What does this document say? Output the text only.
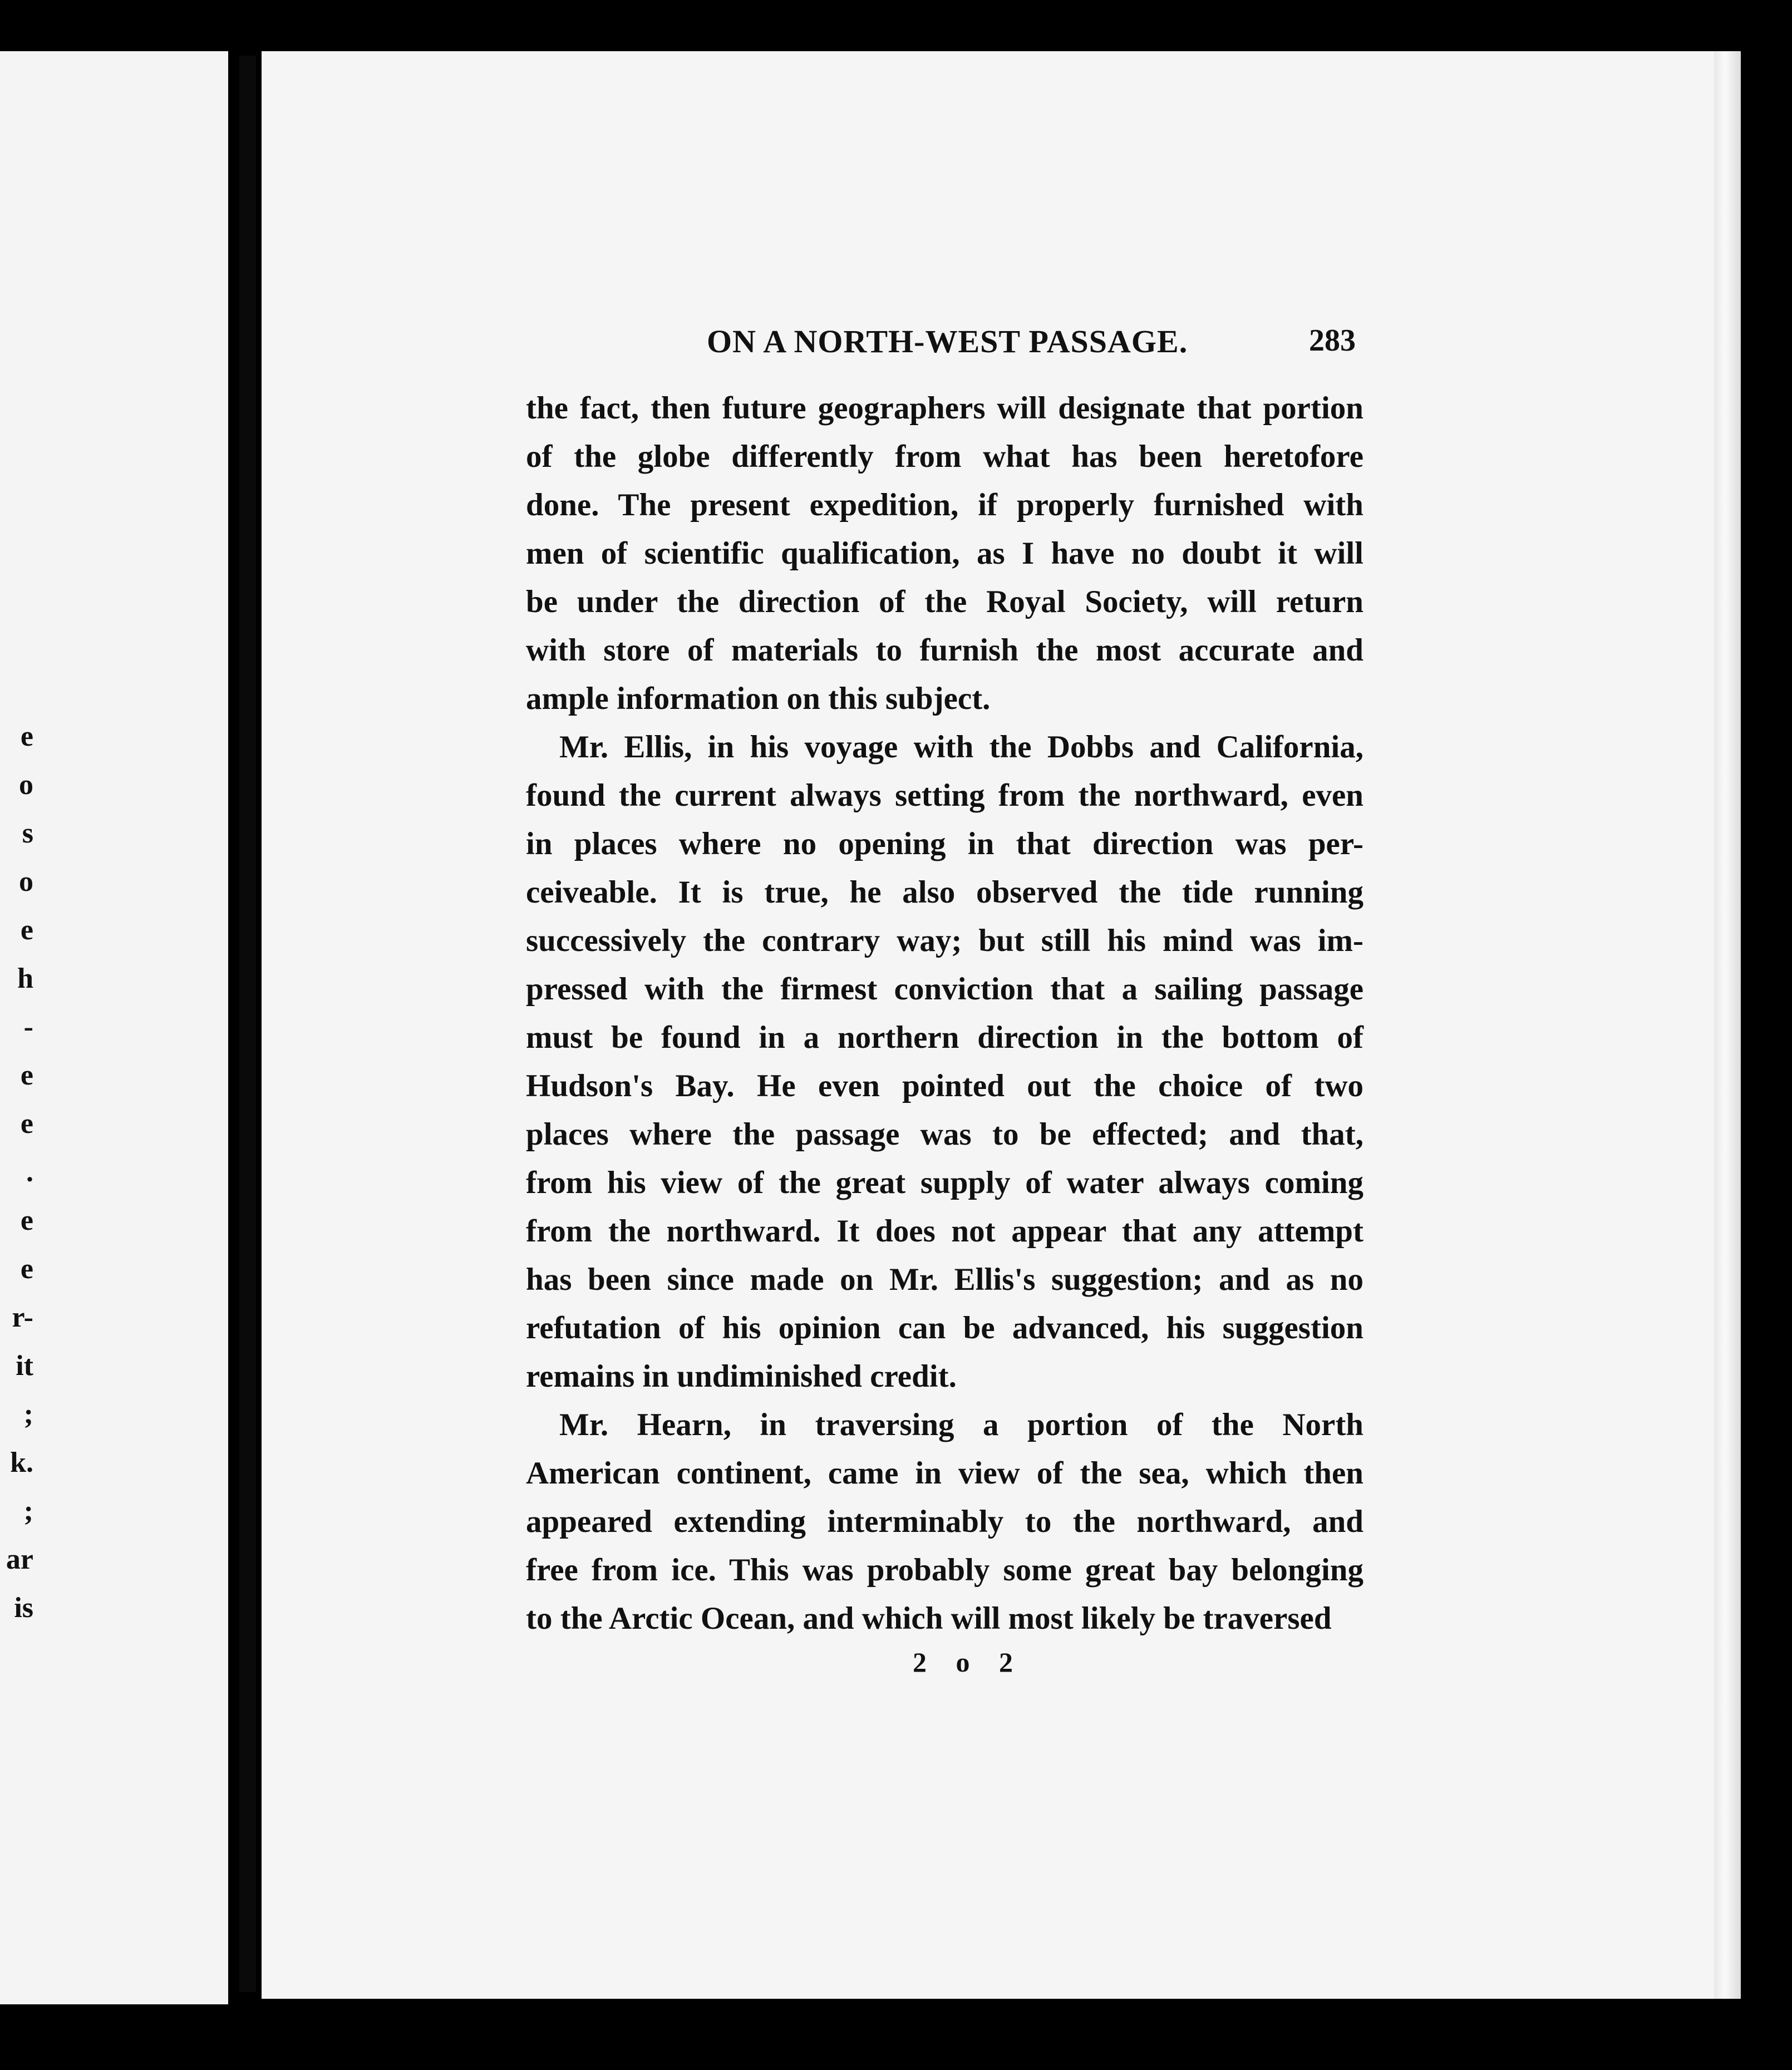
e
o
s
o
e
h
-
e
e
.
e
e
r-
it
;
k.
;
ar
is
ON A NORTH-WEST PASSAGE.	283
the fact, then future geographers will designate that portion
of the globe differently from what has been heretofore
done. The present expedition, if properly furnished with
men of scientific qualification, as I have no doubt it will
be under the direction of the Royal Society, will return
with store of materials to furnish the most accurate and
ample information on this subject.
Mr. Ellis, in his voyage with the Dobbs and California,
found the current always setting from the northward, even
in places where no opening in that direction was per-
ceiveable. It is true, he also observed the tide running
successively the contrary way; but still his mind was im-
pressed with the firmest conviction that a sailing passage
must be found in a northern direction in the bottom of
Hudson's Bay. He even pointed out the choice of two
places where the passage was to be effected; and that,
from his view of the great supply of water always coming
from the northward. It does not appear that any attempt
has been since made on Mr. Ellis's suggestion; and as no
refutation of his opinion can be advanced, his suggestion
remains in undiminished credit.
Mr. Hearn, in traversing a portion of the North
American continent, came in view of the sea, which then
appeared extending interminably to the northward, and
free from ice. This was probably some great bay belonging
to the Arctic Ocean, and which will most likely be traversed
2 o 2
